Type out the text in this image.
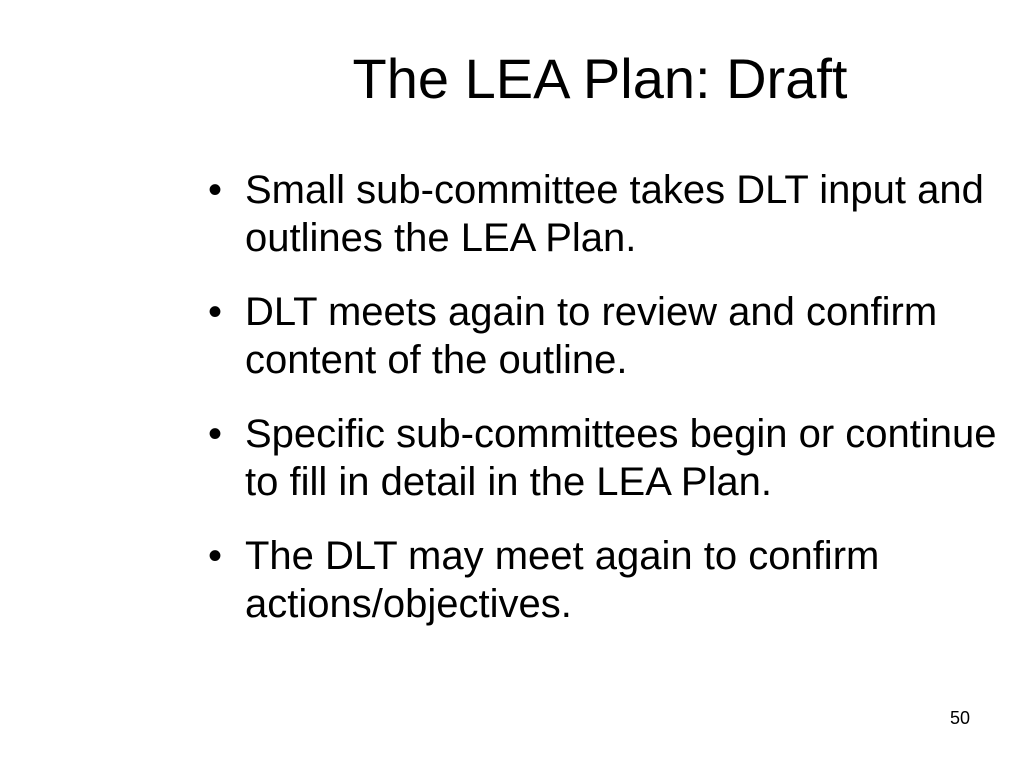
The LEA Plan: Draft
• Small sub-committee takes DLT input and outlines the LEA Plan.
• DLT meets again to review and confirm content of the outline.
• Specific sub-committees begin or continue to fill in detail in the LEA Plan.
• The DLT may meet again to confirm actions/objectives.
50
